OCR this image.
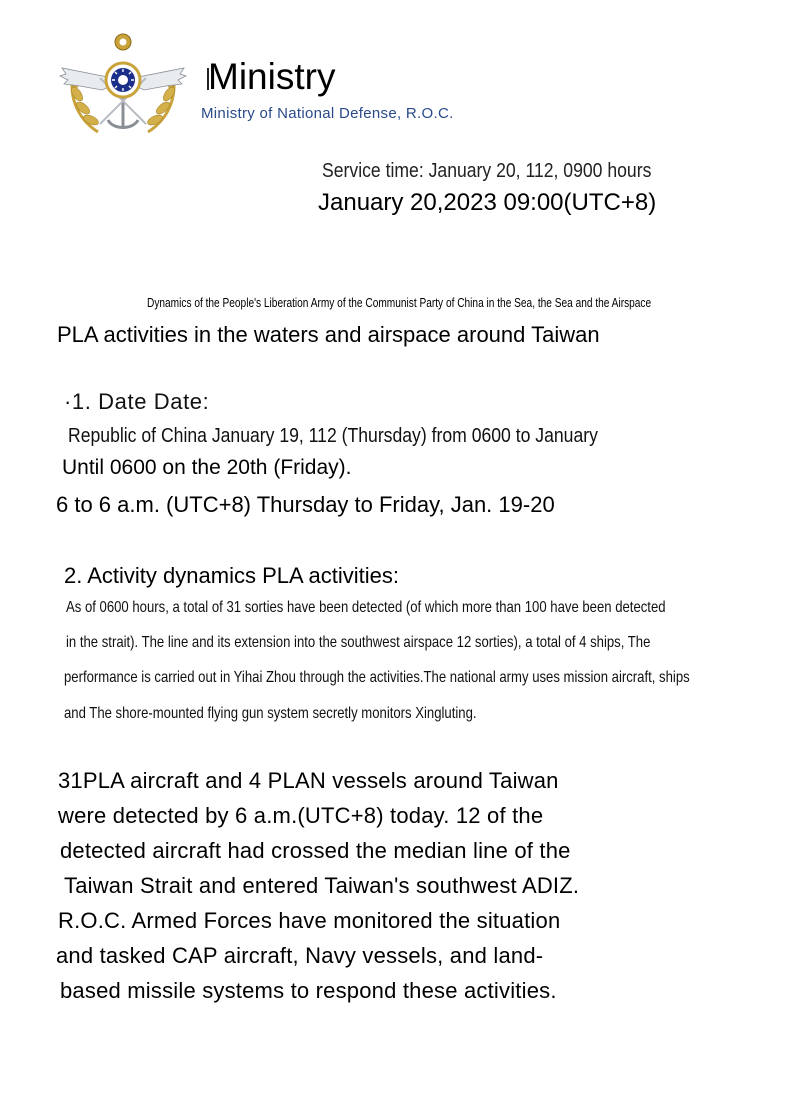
Ministry
Ministry of National Defense, R.O.C.
Service time: January 20, 112, 0900 hours
January 20,2023 09:00(UTC+8)
Dynamics of the People's Liberation Army of the Communist Party of China in the Sea, the Sea and the Airspace
PLA activities in the waters and airspace around Taiwan
·1. Date Date:
Republic of China January 19, 112 (Thursday) from 0600 to January
Until 0600 on the 20th (Friday).
6 to 6 a.m. (UTC+8) Thursday to Friday, Jan. 19-20
2. Activity dynamics PLA activities:
As of 0600 hours, a total of 31 sorties have been detected (of which more than 100 have been detected
in the strait). The line and its extension into the southwest airspace 12 sorties), a total of 4 ships, The
performance is carried out in Yihai Zhou through the activities.The national army uses mission aircraft, ships
and The shore-mounted flying gun system secretly monitors Xingluting.
31PLA aircraft and 4 PLAN vessels around Taiwan
were detected by 6 a.m.(UTC+8) today. 12 of the
detected aircraft had crossed the median line of the
Taiwan Strait and entered Taiwan's southwest ADIZ.
R.O.C. Armed Forces have monitored the situation
and tasked CAP aircraft, Navy vessels, and land-
based missile systems to respond these activities.
